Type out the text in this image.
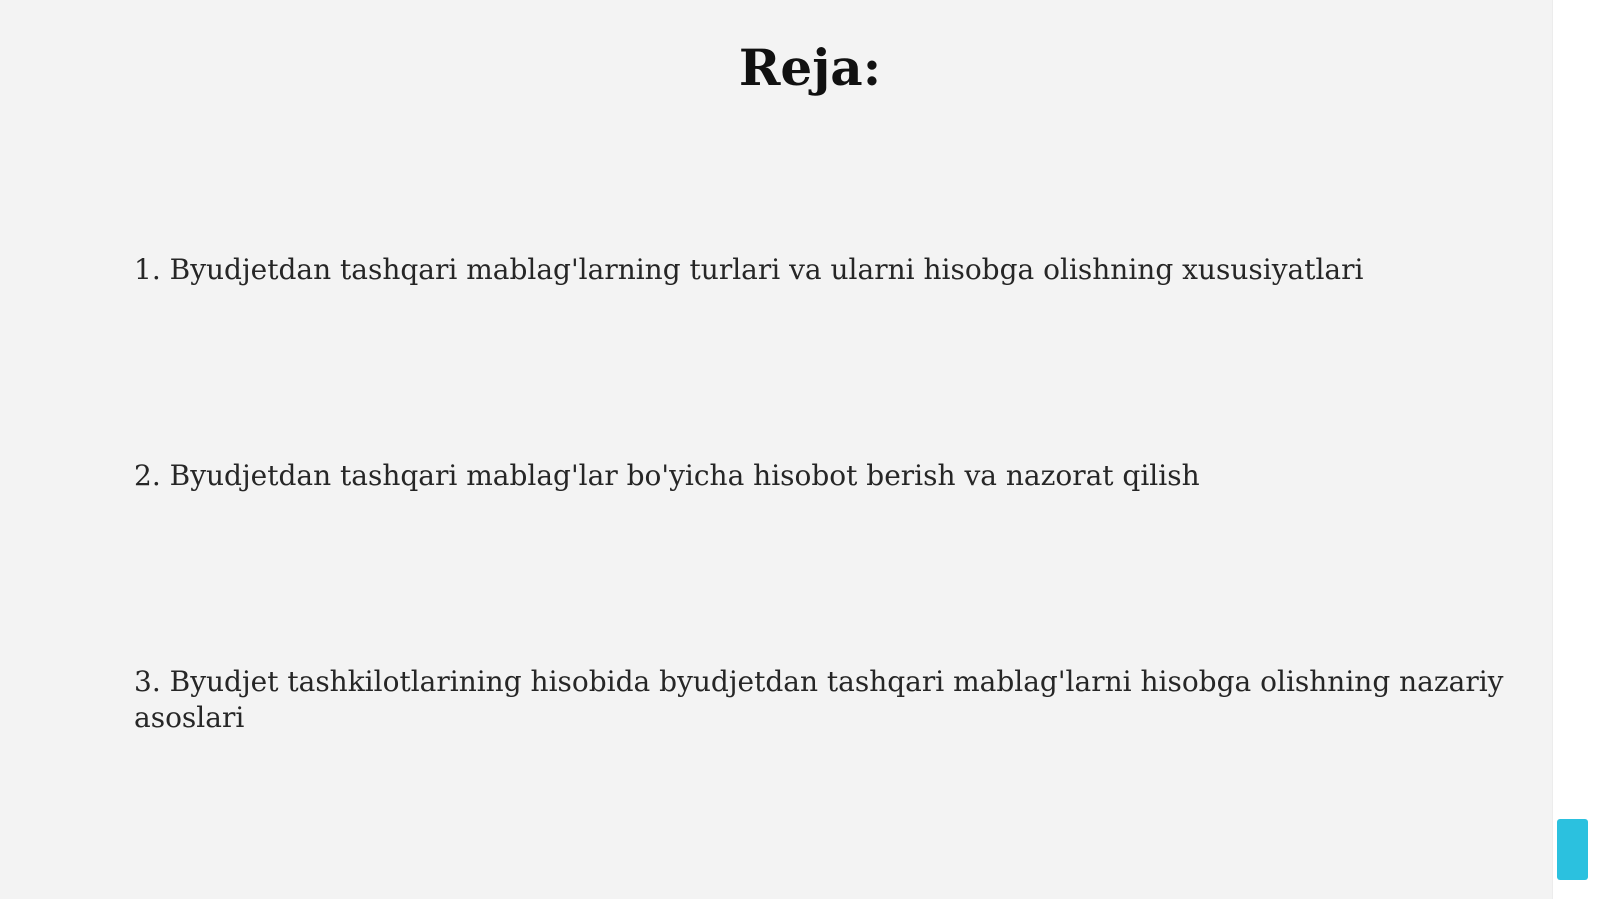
Reja:

1. Byudjetdan tashqari mablag'larning turlari va ularni hisobga olishning xususiyatlari

2. Byudjetdan tashqari mablag'lar bo'yicha hisobot berish va nazorat qilish

3. Byudjet tashkilotlarining hisobida byudjetdan tashqari mablag'larni hisobga olishning nazariy asoslari
